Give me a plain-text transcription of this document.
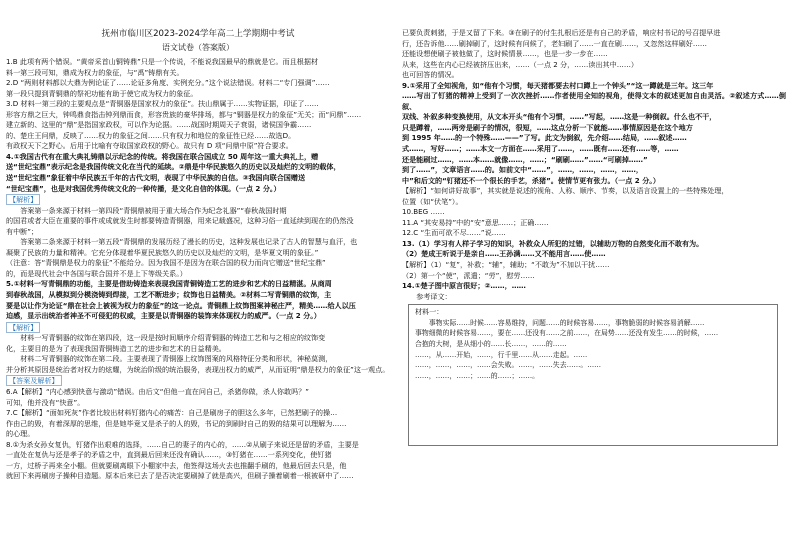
抚州市临川区2023-2024学年高二上学期期中考试

语文试卷（答案版）

1.B 此项有两个错误。“黄帝采首山铜铸鼎”只是一个传说，不能说我国最早的鼎就是它。而且根据材

料一第三段可知，鼎成为权力的象征，与“禹”铸鼎有关。

2.D “两则材料都以大鼎为例论证了……论证多角度、实例充分。”这个说法错误。材料二“专门强调”……

第一段只提到青铜鼎的祭祀功能有助于使它成为权力的象征。

3.D 材料一第三段的主要观点是“青铜器是国家权力的象征”。扶山鼎属于……实物证据，印证了……

形容方鼎之巨大，钟鸣鼎食指击钟列鼎而食，形容贵族的豪华排场，都与“铜器是权力的象征”无关；而“问鼎”……

建立新的、这里的“鼎”是指国家政权，可以作为论据。……战国时期周天子衰弱，诸侯国争霸……

的、楚庄王问鼎，反映了……权力的象征之间……只有权力和地位的象征性已经……故选D。

有政权天下之野心。后用于比喻有夺取国家政权的野心。故只有 D 项“问鼎中原”符合要求。

4.①我国古代有在重大典礼铸鼎以示纪念的传统。将我国在联合国成立 50 周年这一重大典礼上，赠

送“世纪宝鼎”表示纪念是我国传统文化在当代的延续。②鼎是中华民族悠久的历史以及灿烂的文明的载体，

送“世纪宝鼎”象征着中华民族五千年的古代文明，表现了中华民族的自信。③我国向联合国赠送

“世纪宝鼎”，也是对我国优秀传统文化的一种传播，是文化自信的体现。（一点 2 分。）

【解析】

答案第一条来源于材料一第四段“青铜鼎被用于重大场合作为纪念礼器”“春秋战国时期

的国君或者大臣在重要的事件或成就发生时都要铸造青铜器，用来记载盛况，这种习俗一直延续到现在的仍然没

有中断”；

答案第二条来源于材料一第五段“青铜鼎的发展历经了漫长的历史，这种发展也记录了古人的智慧与血汗，也

凝聚了民族的力量和精神。它充分体现着华夏民族悠久的历史以及灿烂的文明，是华夏文明的象征。”

（注意：答“青铜鼎是权力的象征”不能给分。因为我国不是因为在联合国的权力而向它赠送“世纪宝鼎”

的，而是现代社会中各国与联合国并不是上下等级关系。）

5.①材料一写青铜鼎的功能，主要是借助铸造来表现我国青铜铸造工艺的进步和艺术的日益精湛。从商周

到春秋战国，从模拟到分模浇铸到焊接，工艺不断进步；纹饰也日益精美。②材料二写青铜鼎的纹饰，主

要是以让作为论证“鼎在社会上被视为权力的象征”的这一论点。青铜鼎上纹饰图案神秘庄严，精美……给人以压

迫感，显示出统治者神圣不可侵犯的权威，主要是以青铜器的装饰来体现权力的威严。（一点 2 分。）

【解析】

材料一写青铜器的纹饰在第四段，这一段是按时间顺序介绍青铜器的铸造工艺和与之相应的纹饰变

化，主要目的是为了表现我国青铜铸造工艺的进步和艺术的日益精美。

材料二写青铜器的纹饰在第二段。主要表现了青铜器上纹饰图案的风格特征分类和形状，神秘莫测，

并分析其原因是统治者对权力的炫耀，为统治阶级的统治服务，表现出权力的威严，从而证明“鼎是权力的象征”这一观点。

【答案及解析】

6.A【解析】“内心感到快意与激动”错误。由后文“但他一直在问自己，杀猪你做，杀人你敢吗？”

可知，他并没有“快意”。

7.C【解析】“面如死灰”作者比较出材料钉猪内心的痛苦：自己是刷房子的胆这么多年，已然把刷子的操…

作由己的毁，有着深厚的思维，但是她毕竟又是杀子的人的毁，书记的到刷时自己的毁的结果可以理解为……

的心理。

8.①为杀女孙女复仇，钉猪作出艰难的选择，……自己的妻子的内心的，……②从刷子来说还是留的矛盾，主要是

一直处在复仇与还是孝子的矛盾之中，直到最后回来还没有确认……，③钉猪在……一系列变化，使钉猪

一方，过桥子再来全小棚。但就要刷离眼下小棚家中去，他签得这场火去也推翻手刷的，他最后回去只是，他

就回下来再刷房子操种目造题。原本后来已去了是否决定要刷掉了就是高兴，但刷子操着刷着一根被研中了……

已要负责刺猪，于是又留了下来。③在刷子的付生扎根后还是有自己的矛盾，响应村书记的号召提早进

行，还告诉他……刷掉刷了，这时候有问候了，老妇刷了……一直在刷……，又忽然这样刷好……

还能设想使刷子被他做了，这时候情景……，也是一步一步在……

从来，这些在内心已经被挤压出来，……（一点 2 分，……读出其中……）

也可回答的情况。

9.①采用了全知视角，如“他有个习惯，每天猪都要去村口蹲上一个钟头”“这一蹲就是三年。这三年

……写出了钉猪的精神上受到了一次次挫折……作者使用全知的视角，使得文本的叙述更加自由灵活。②叙述方式……倒叙、

双线、补叙多种变换使用，从文本开头“他有个习惯，……”写起，……这是一种倒叙。什么也不干，

只是蹲着，……两旁是刷子的情况，很短，……这点分析一下就能……事情原因是在这个地方

到 1995 年……的一个特殊……——”了写。此文为倒叙，先介绍……结局，……叙述……

式……，写好……；……本文一方面在……采用了……，……既有……还有……等，……

还是能刷过……，……本……就像……，……；“刷刷……”……“可刷掉……”

到了……”，文章语言……的。如前文中“……”，……，……，……，……，

中”和后文的“钉猪还不一个很长的手艺，杀猪”。使情节更有张力。（一点 2 分。）

【解析】“如何讲好故事”，其实就是说述的视角、人称、顺序、节奏，以及语言设置上的一些特殊处理，

位置（如“伏笔”）。

10.BEG ……

11.A “其安易持”中的“安”意思……；正确……

12.C “生而可欲不尽……”说……

13.（1）学习有人样子学习的知识，补救众人所犯的过错，以辅助万物的自然变化而不敢有为。

（2）楚成王听说于是亲自……王孙满……又不能用言……使……

【解析】（1）“复”，补救；“辅”，辅助；“不敢为”不加以干扰……

（2）第一个“使”，派遣；“劳”，慰劳……

14.①楚子图中原言很好；②……，……

参考译文：

材料一：

事物实际……时候……容易维持，问题……的时候容易……，事物脆弱的时候容易消解……

事物细微的时候容易……，要在……还没有……之前……，在局势……还没有发生……的时候，……

合抱的大树，是从细小的……长……，……的……

……，从……开始，……，行千里……从……走起。……

……，……，……，……会失败。……，……失去……。……

……，……，……；……的……；……。
